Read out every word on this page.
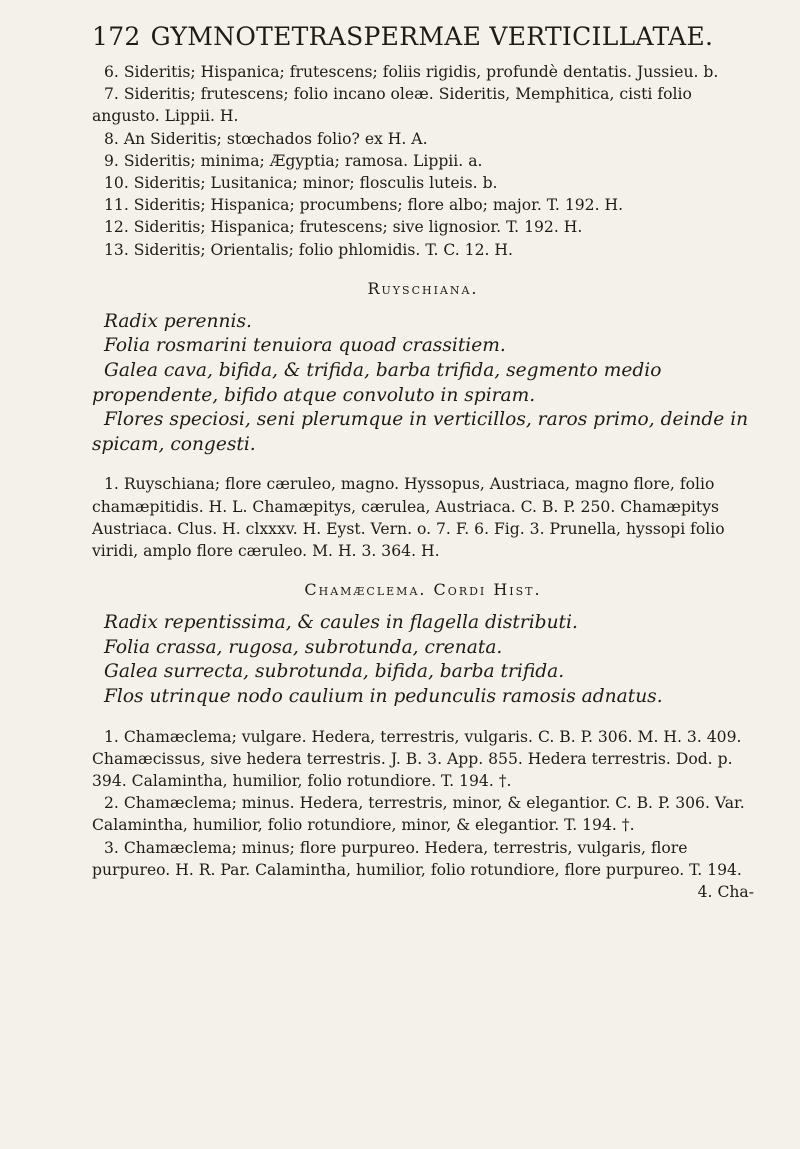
172 GYMNOTETRASPERMAE VERTICILLATAE.

6. Sideritis; Hispanica; frutescens; foliis rigidis, profundè dentatis. Jussieu. b.

7. Sideritis; frutescens; folio incano oleæ. Sideritis, Memphitica, cisti folio angusto. Lippii. H.

8. An Sideritis; stœchados folio? ex H. A.

9. Sideritis; minima; Ægyptia; ramosa. Lippii. a.

10. Sideritis; Lusitanica; minor; flosculis luteis. b.

11. Sideritis; Hispanica; procumbens; flore albo; major. T. 192. H.

12. Sideritis; Hispanica; frutescens; sive lignosior. T. 192. H.

13. Sideritis; Orientalis; folio phlomidis. T. C. 12. H.

Ruyschiana.

Radix perennis.

Folia rosmarini tenuiora quoad crassitiem.

Galea cava, bifida, & trifida, barba trifida, segmento medio propendente, bifido atque convoluto in spiram.

Flores speciosi, seni plerumque in verticillos, raros primo, deinde in spicam, congesti.

1. Ruyschiana; flore cæruleo, magno. Hyssopus, Austriaca, magno flore, folio chamæpitidis. H. L. Chamæpitys, cærulea, Austriaca. C. B. P. 250. Chamæpitys Austriaca. Clus. H. clxxxv. H. Eyst. Vern. o. 7. F. 6. Fig. 3. Prunella, hyssopi folio viridi, amplo flore cæruleo. M. H. 3. 364. H.

Chamæclema. Cordi Hist.

Radix repentissima, & caules in flagella distributi.

Folia crassa, rugosa, subrotunda, crenata.

Galea surrecta, subrotunda, bifida, barba trifida.

Flos utrinque nodo caulium in pedunculis ramosis adnatus.

1. Chamæclema; vulgare. Hedera, terrestris, vulgaris. C. B. P. 306. M. H. 3. 409. Chamæcissus, sive hedera terrestris. J. B. 3. App. 855. Hedera terrestris. Dod. p. 394. Calamintha, humilior, folio rotundiore. T. 194. †.

2. Chamæclema; minus. Hedera, terrestris, minor, & elegantior. C. B. P. 306. Var. Calamintha, humilior, folio rotundiore, minor, & elegantior. T. 194. †.

3. Chamæclema; minus; flore purpureo. Hedera, terrestris, vulgaris, flore purpureo. H. R. Par. Calamintha, humilior, folio rotundiore, flore purpureo. T. 194.

4. Cha-
